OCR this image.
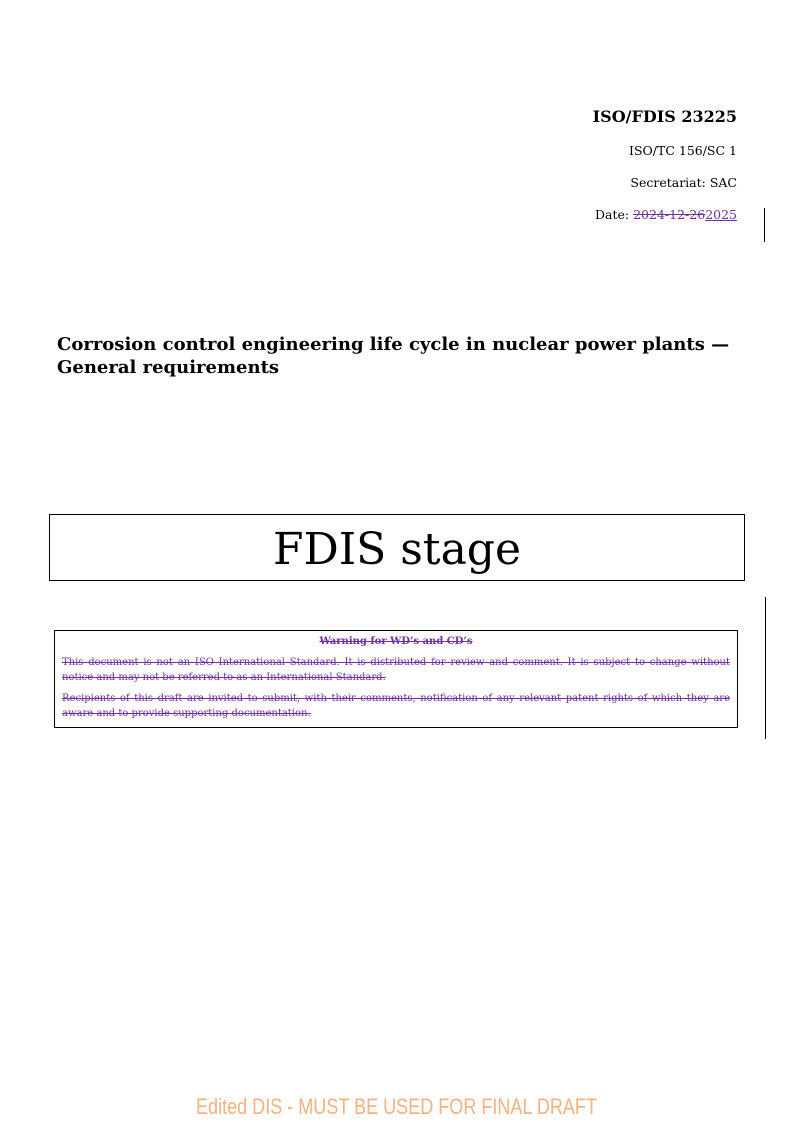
ISO/FDIS 23225

ISO/TC 156/SC 1

Secretariat: SAC

Date: 2024-12-262025

Corrosion control engineering life cycle in nuclear power plants — General requirements

FDIS stage

Warning for WD’s and CD’s

This document is not an ISO International Standard. It is distributed for review and comment. It is subject to change without notice and may not be referred to as an International Standard.

Recipients of this draft are invited to submit, with their comments, notification of any relevant patent rights of which they are aware and to provide supporting documentation.

Edited DIS - MUST BE USED FOR FINAL DRAFT
